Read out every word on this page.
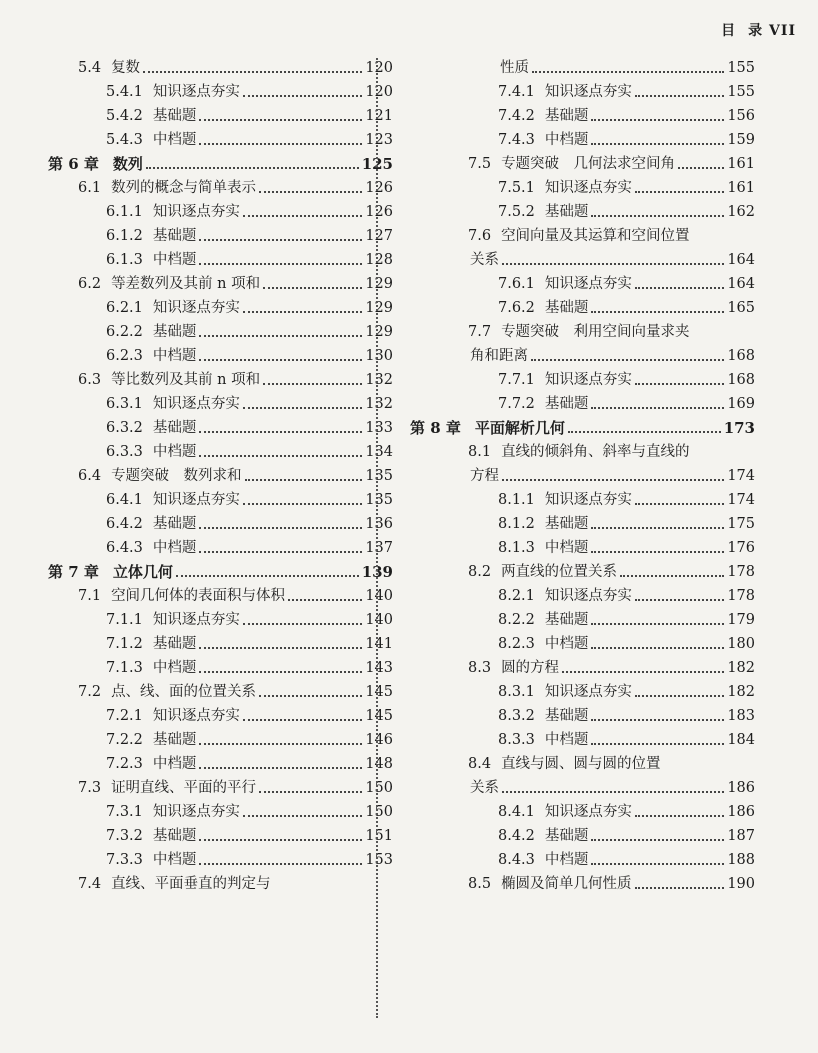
目 录 VII
5.4 复数	120
5.4.1 知识逐点夯实	120
5.4.2 基础题	121
5.4.3 中档题	123
第 6 章 数列	125
6.1 数列的概念与简单表示	126
6.1.1 知识逐点夯实	126
6.1.2 基础题	127
6.1.3 中档题	128
6.2 等差数列及其前 n 项和	129
6.2.1 知识逐点夯实	129
6.2.2 基础题	129
6.2.3 中档题	130
6.3 等比数列及其前 n 项和	132
6.3.1 知识逐点夯实	132
6.3.2 基础题	133
6.3.3 中档题	134
6.4 专题突破　数列求和	135
6.4.1 知识逐点夯实	135
6.4.2 基础题	136
6.4.3 中档题	137
第 7 章 立体几何	139
7.1 空间几何体的表面积与体积	140
7.1.1 知识逐点夯实	140
7.1.2 基础题	141
7.1.3 中档题	143
7.2 点、线、面的位置关系	145
7.2.1 知识逐点夯实	145
7.2.2 基础题	146
7.2.3 中档题	148
7.3 证明直线、平面的平行	150
7.3.1 知识逐点夯实	150
7.3.2 基础题	151
7.3.3 中档题	153
7.4 直线、平面垂直的判定与
性质	155
7.4.1 知识逐点夯实	155
7.4.2 基础题	156
7.4.3 中档题	159
7.5 专题突破　几何法求空间角	161
7.5.1 知识逐点夯实	161
7.5.2 基础题	162
7.6 空间向量及其运算和空间位置
关系	164
7.6.1 知识逐点夯实	164
7.6.2 基础题	165
7.7 专题突破　利用空间向量求夹
角和距离	168
7.7.1 知识逐点夯实	168
7.7.2 基础题	169
第 8 章 平面解析几何	173
8.1 直线的倾斜角、斜率与直线的
方程	174
8.1.1 知识逐点夯实	174
8.1.2 基础题	175
8.1.3 中档题	176
8.2 两直线的位置关系	178
8.2.1 知识逐点夯实	178
8.2.2 基础题	179
8.2.3 中档题	180
8.3 圆的方程	182
8.3.1 知识逐点夯实	182
8.3.2 基础题	183
8.3.3 中档题	184
8.4 直线与圆、圆与圆的位置
关系	186
8.4.1 知识逐点夯实	186
8.4.2 基础题	187
8.4.3 中档题	188
8.5 椭圆及简单几何性质	190
